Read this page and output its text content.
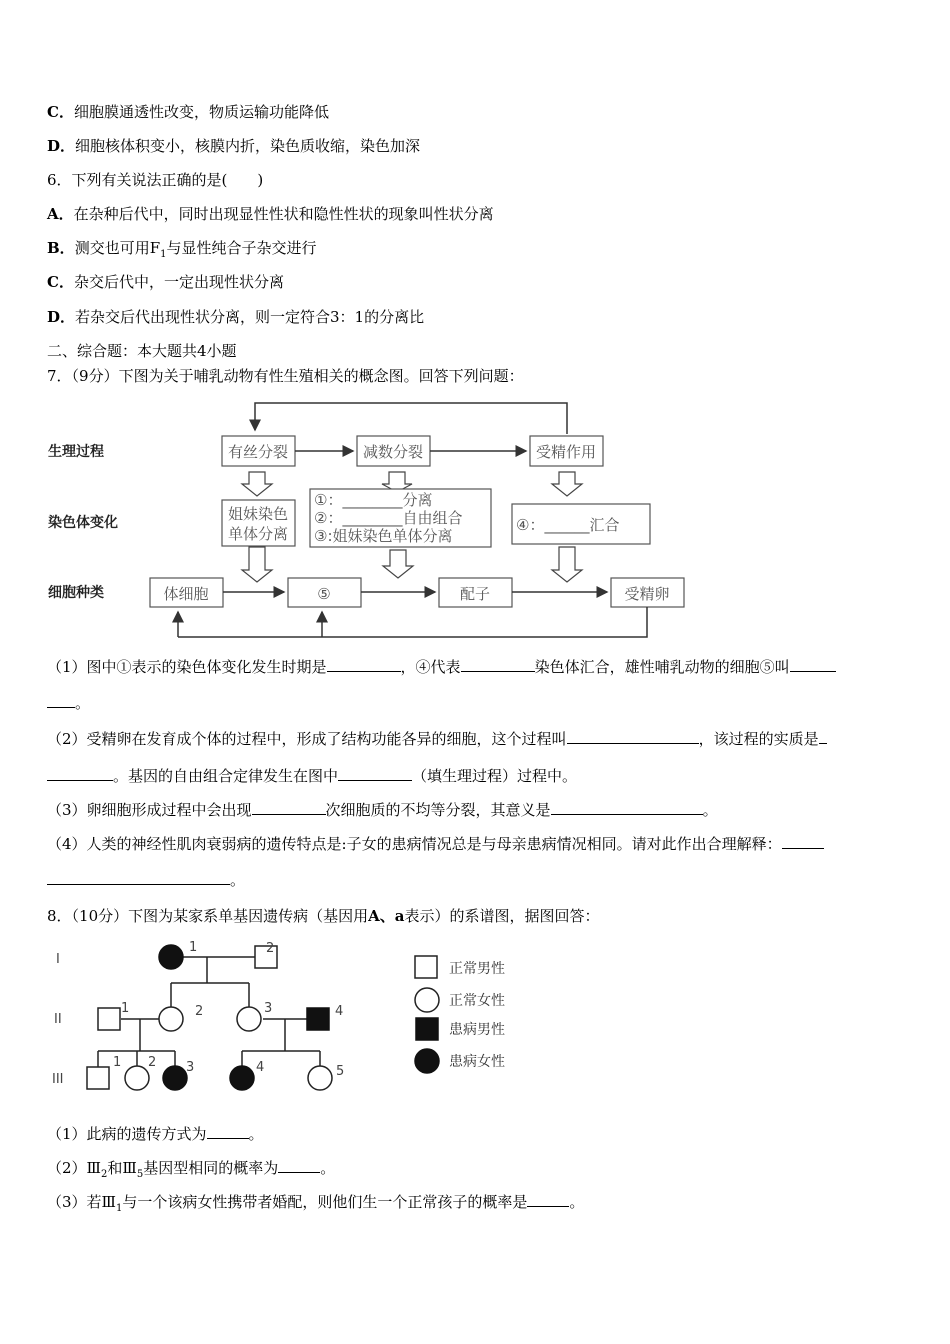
C．细胞膜通透性改变，物质运输功能降低
D．细胞核体积变小，核膜内折，染色质收缩，染色加深
6．下列有关说法正确的是(　　)
A．在杂种后代中，同时出现显性性状和隐性性状的现象叫性状分离
B．测交也可用$F_1$与显性纯合子杂交进行
C．杂交后代中，一定出现性状分离
D．若杂交后代出现性状分离，则一定符合3：1的分离比
二、综合题：本大题共4小题
7．（9分）下图为关于哺乳动物有性生殖相关的概念图。回答下列问题：
生理过程
染色体变化
细胞种类
有丝分裂	减数分裂	受精作用
姐妹染色
单体分离
①：________分离
②：________自由组合
③:姐妹染色单体分离
④：______汇合
体细胞	⑤	配子	受精卵
（1）图中①表示的染色体变化发生时期是	，④代表	染色体汇合，雄性哺乳动物的细胞⑤叫
。
（2）受精卵在发育成个体的过程中，形成了结构功能各异的细胞，这个过程叫	，该过程的实质是
。基因的自由组合定律发生在图中	（填生理过程）过程中。
（3）卵细胞形成过程中会出现	次细胞质的不均等分裂，其意义是	。
（4）人类的神经性肌肉衰弱病的遗传特点是:子女的患病情况总是与母亲患病情况相同。请对此作出合理解释：
。
8．（10分）下图为某家系单基因遗传病（基因用A、a表示）的系谱图，据图回答：
I
II
III
1	2
1	2	3	4
1 2 3	4	5
正常男性
正常女性
患病男性
患病女性
（1）此病的遗传方式为	。
$(2)Ⅲ_2$和$Ⅲ_5$基因型相同的概率为	。
（3）若$Ⅲ_1$与一个该病女性携带者婚配，则他们生一个正常孩子的概率是	。
